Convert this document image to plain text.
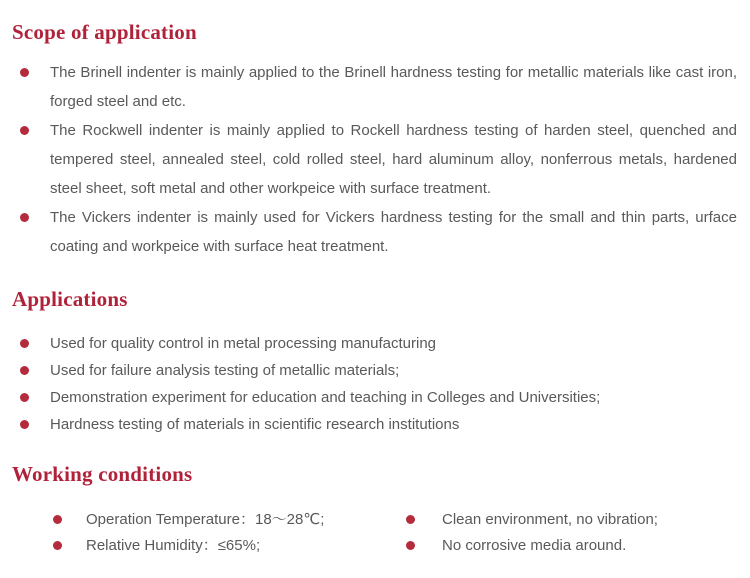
Scope of application
The Brinell indenter is mainly applied to the Brinell hardness testing for metallic materials like cast iron, forged steel and etc.
The Rockwell indenter is mainly applied to Rockell hardness testing of harden steel, quenched and tempered steel, annealed steel, cold rolled steel, hard aluminum alloy, nonferrous metals, hardened steel sheet, soft metal and other workpeice with surface treatment.
The Vickers indenter is mainly used for Vickers hardness testing for the small and thin parts, urface coating and workpeice with surface heat treatment.
Applications
Used for quality control in metal processing manufacturing
Used for failure analysis testing of metallic materials;
Demonstration experiment for education and teaching in Colleges and Universities;
Hardness testing of materials in scientific research institutions
Working conditions
Operation Temperature：18～28℃;
Relative Humidity：≤65%;
Clean environment, no vibration;
No corrosive media around.
